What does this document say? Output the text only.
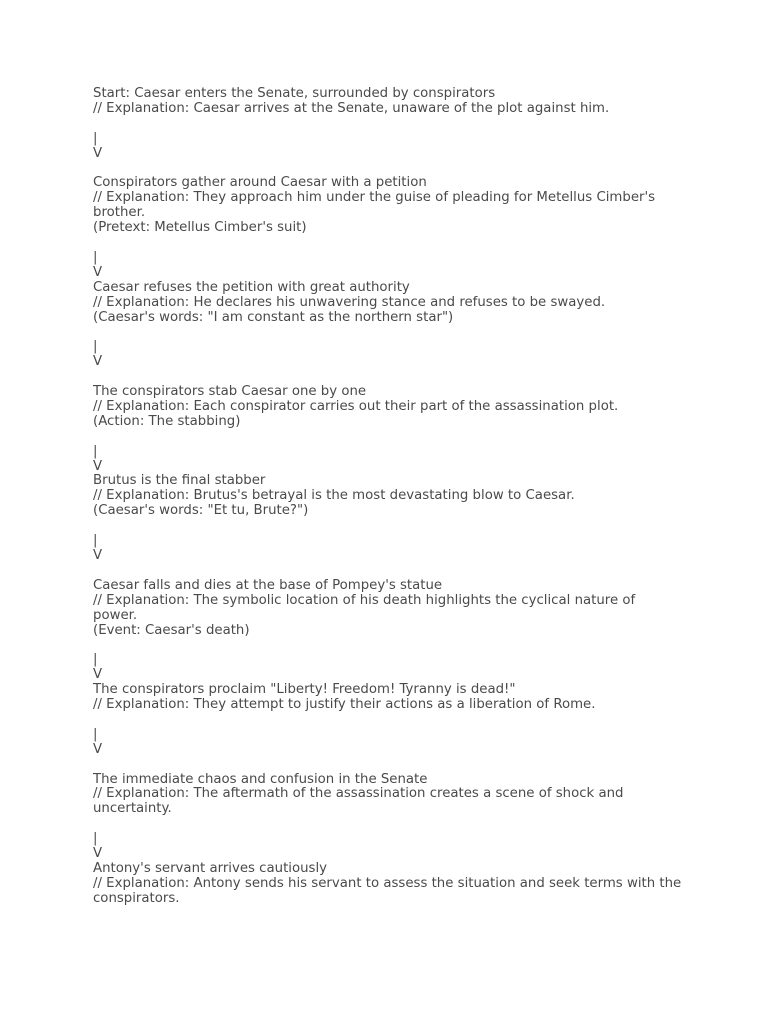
Start: Caesar enters the Senate, surrounded by conspirators
// Explanation: Caesar arrives at the Senate, unaware of the plot against him.
|
V
Conspirators gather around Caesar with a petition
// Explanation: They approach him under the guise of pleading for Metellus Cimber's brother.
(Pretext: Metellus Cimber's suit)
|
V
Caesar refuses the petition with great authority
// Explanation: He declares his unwavering stance and refuses to be swayed.
(Caesar's words: "I am constant as the northern star")
|
V
The conspirators stab Caesar one by one
// Explanation: Each conspirator carries out their part of the assassination plot.
(Action: The stabbing)
|
V
Brutus is the final stabber
// Explanation: Brutus's betrayal is the most devastating blow to Caesar.
(Caesar's words: "Et tu, Brute?")
|
V
Caesar falls and dies at the base of Pompey's statue
// Explanation: The symbolic location of his death highlights the cyclical nature of power.
(Event: Caesar's death)
|
V
The conspirators proclaim "Liberty! Freedom! Tyranny is dead!"
// Explanation: They attempt to justify their actions as a liberation of Rome.
|
V
The immediate chaos and confusion in the Senate
// Explanation: The aftermath of the assassination creates a scene of shock and uncertainty.
|
V
Antony's servant arrives cautiously
// Explanation: Antony sends his servant to assess the situation and seek terms with the conspirators.
